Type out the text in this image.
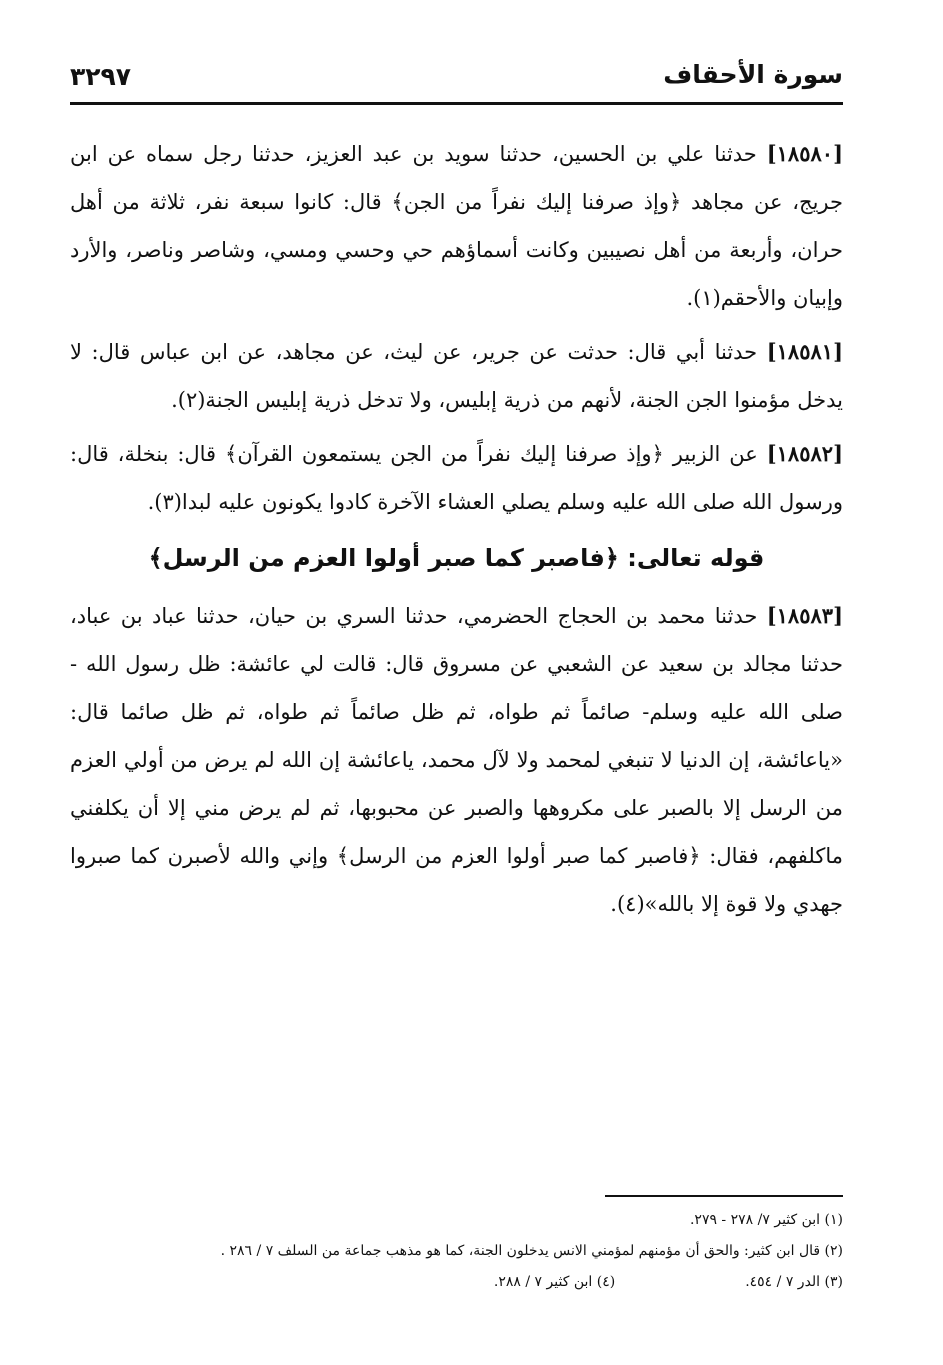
سورة الأحقاف
٣٢٩٧

[١٨٥٨٠] حدثنا علي بن الحسين، حدثنا سويد بن عبد العزيز، حدثنا رجل سماه عن ابن جريج، عن مجاهد ﴿وإذ صرفنا إليك نفراً من الجن﴾ قال: كانوا سبعة نفر، ثلاثة من أهل حران، وأربعة من أهل نصيبين وكانت أسماؤهم حي وحسي ومسي، وشاصر وناصر، والأرد وإبيان والأحقم(١).

[١٨٥٨١] حدثنا أبي قال: حدثت عن جرير، عن ليث، عن مجاهد، عن ابن عباس قال: لا يدخل مؤمنوا الجن الجنة، لأنهم من ذرية إبليس، ولا تدخل ذرية إبليس الجنة(٢).

[١٨٥٨٢] عن الزبير ﴿وإذ صرفنا إليك نفراً من الجن يستمعون القرآن﴾ قال: بنخلة، قال: ورسول الله صلى الله عليه وسلم يصلي العشاء الآخرة كادوا يكونون عليه لبدا(٣).

قوله تعالى: ﴿فاصبر كما صبر أولوا العزم من الرسل﴾

[١٨٥٨٣] حدثنا محمد بن الحجاج الحضرمي، حدثنا السري بن حيان، حدثنا عباد بن عباد، حدثنا مجالد بن سعيد عن الشعبي عن مسروق قال: قالت لي عائشة: ظل رسول الله - صلى الله عليه وسلم- صائماً ثم طواه، ثم ظل صائماً ثم طواه، ثم ظل صائما قال: «ياعائشة، إن الدنيا لا تنبغي لمحمد ولا لآل محمد، ياعائشة إن الله لم يرض من أولي العزم من الرسل إلا بالصبر على مكروهها والصبر عن محبوبها، ثم لم يرض مني إلا أن يكلفني ماكلفهم، فقال: ﴿فاصبر كما صبر أولوا العزم من الرسل﴾ وإني والله لأصبرن كما صبروا جهدي ولا قوة إلا بالله»(٤).

(١) ابن كثير ٧/ ٢٧٨ - ٢٧٩.
(٢) قال ابن كثير: والحق أن مؤمنهم لمؤمني الانس يدخلون الجنة، كما هو مذهب جماعة من السلف ٧ / ٢٨٦ .
(٣) الدر ٧ / ٤٥٤.
(٤) ابن كثير ٧ / ٢٨٨.
